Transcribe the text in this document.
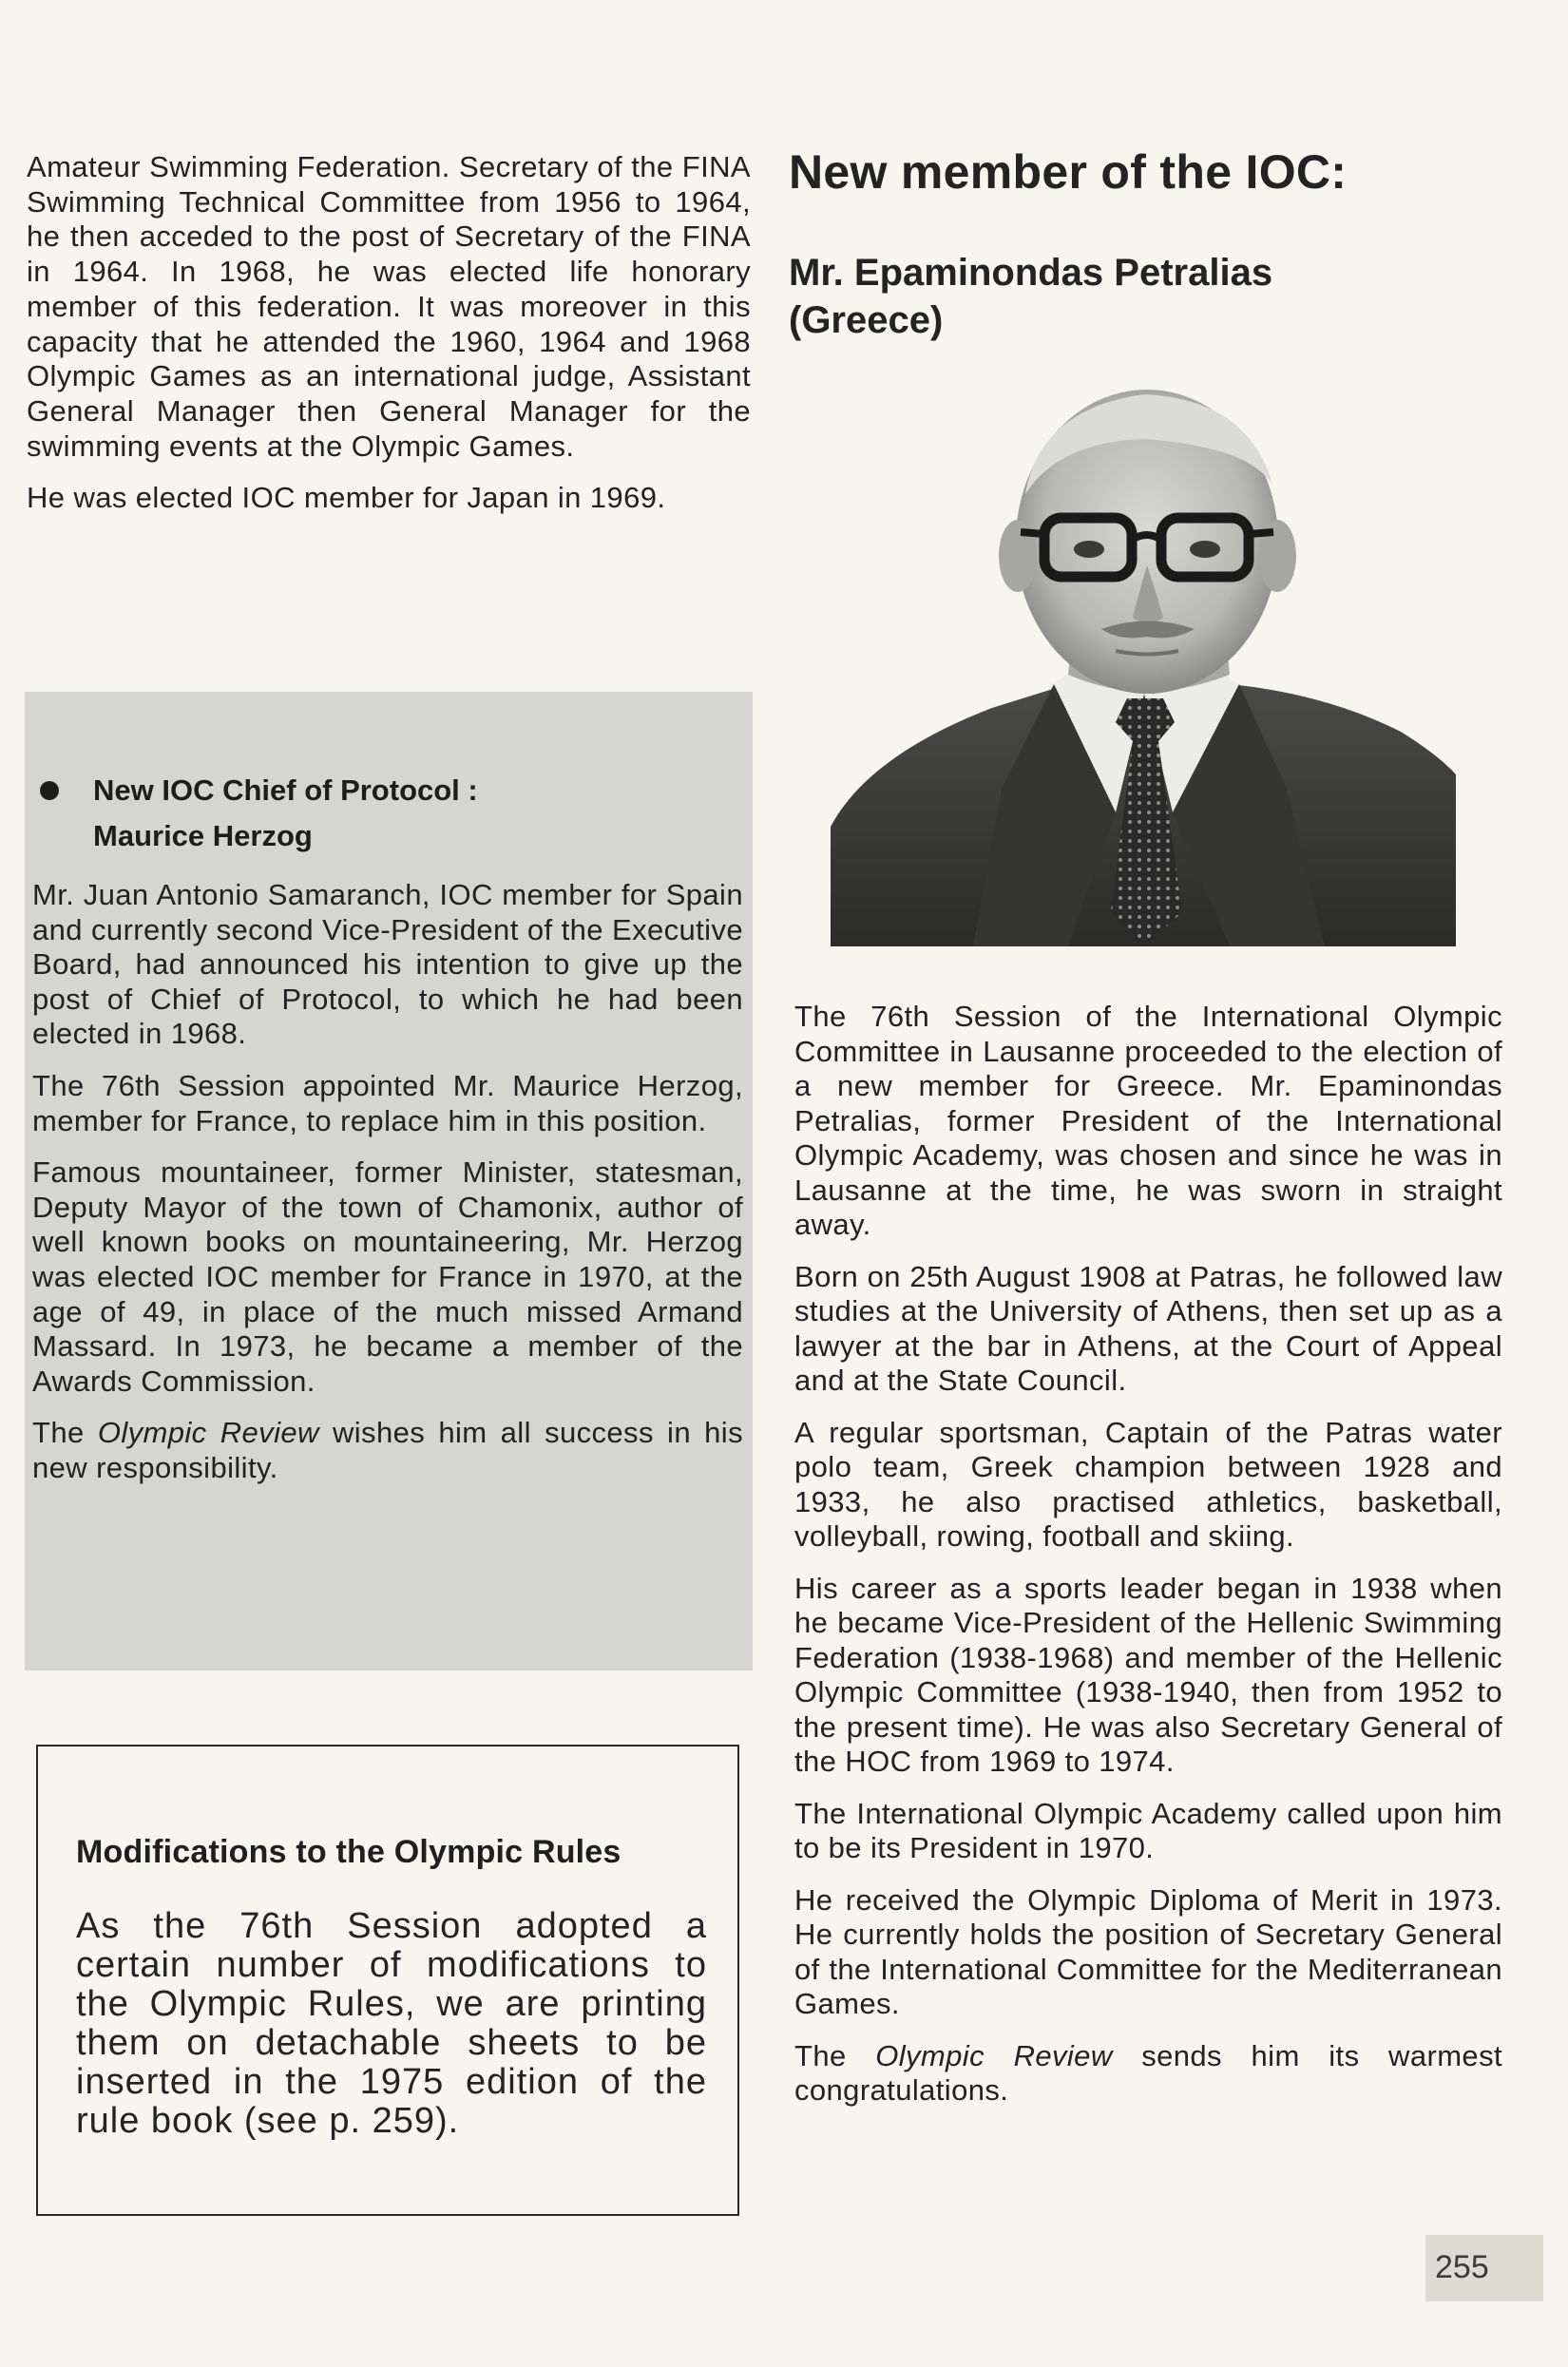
Amateur Swimming Federation. Secretary of the FINA Swimming Technical Committee from 1956 to 1964, he then acceded to the post of Secretary of the FINA in 1964. In 1968, he was elected life honorary member of this federation. It was moreover in this capacity that he attended the 1960, 1964 and 1968 Olympic Games as an international judge, Assistant General Manager then General Manager for the swimming events at the Olympic Games.

He was elected IOC member for Japan in 1969.

New IOC Chief of Protocol :
Maurice Herzog

Mr. Juan Antonio Samaranch, IOC member for Spain and currently second Vice-President of the Executive Board, had announced his intention to give up the post of Chief of Protocol, to which he had been elected in 1968.

The 76th Session appointed Mr. Maurice Herzog, member for France, to replace him in this position.

Famous mountaineer, former Minister, statesman, Deputy Mayor of the town of Chamonix, author of well known books on mountaineering, Mr. Herzog was elected IOC member for France in 1970, at the age of 49, in place of the much missed Armand Massard. In 1973, he became a member of the Awards Commission.

The Olympic Review wishes him all success in his new responsibility.

Modifications to the Olympic Rules

As the 76th Session adopted a certain number of modifications to the Olympic Rules, we are printing them on detachable sheets to be inserted in the 1975 edition of the rule book (see p. 259).

New member of the IOC:
Mr. Epaminondas Petralias
(Greece)

The 76th Session of the International Olympic Committee in Lausanne proceeded to the election of a new member for Greece. Mr. Epaminondas Petralias, former President of the International Olympic Academy, was chosen and since he was in Lausanne at the time, he was sworn in straight away.

Born on 25th August 1908 at Patras, he followed law studies at the University of Athens, then set up as a lawyer at the bar in Athens, at the Court of Appeal and at the State Council.

A regular sportsman, Captain of the Patras water polo team, Greek champion between 1928 and 1933, he also practised athletics, basketball, volleyball, rowing, football and skiing.

His career as a sports leader began in 1938 when he became Vice-President of the Hellenic Swimming Federation (1938-1968) and member of the Hellenic Olympic Committee (1938-1940, then from 1952 to the present time). He was also Secretary General of the HOC from 1969 to 1974.

The International Olympic Academy called upon him to be its President in 1970.

He received the Olympic Diploma of Merit in 1973. He currently holds the position of Secretary General of the International Committee for the Mediterranean Games.

The Olympic Review sends him its warmest congratulations.

255
